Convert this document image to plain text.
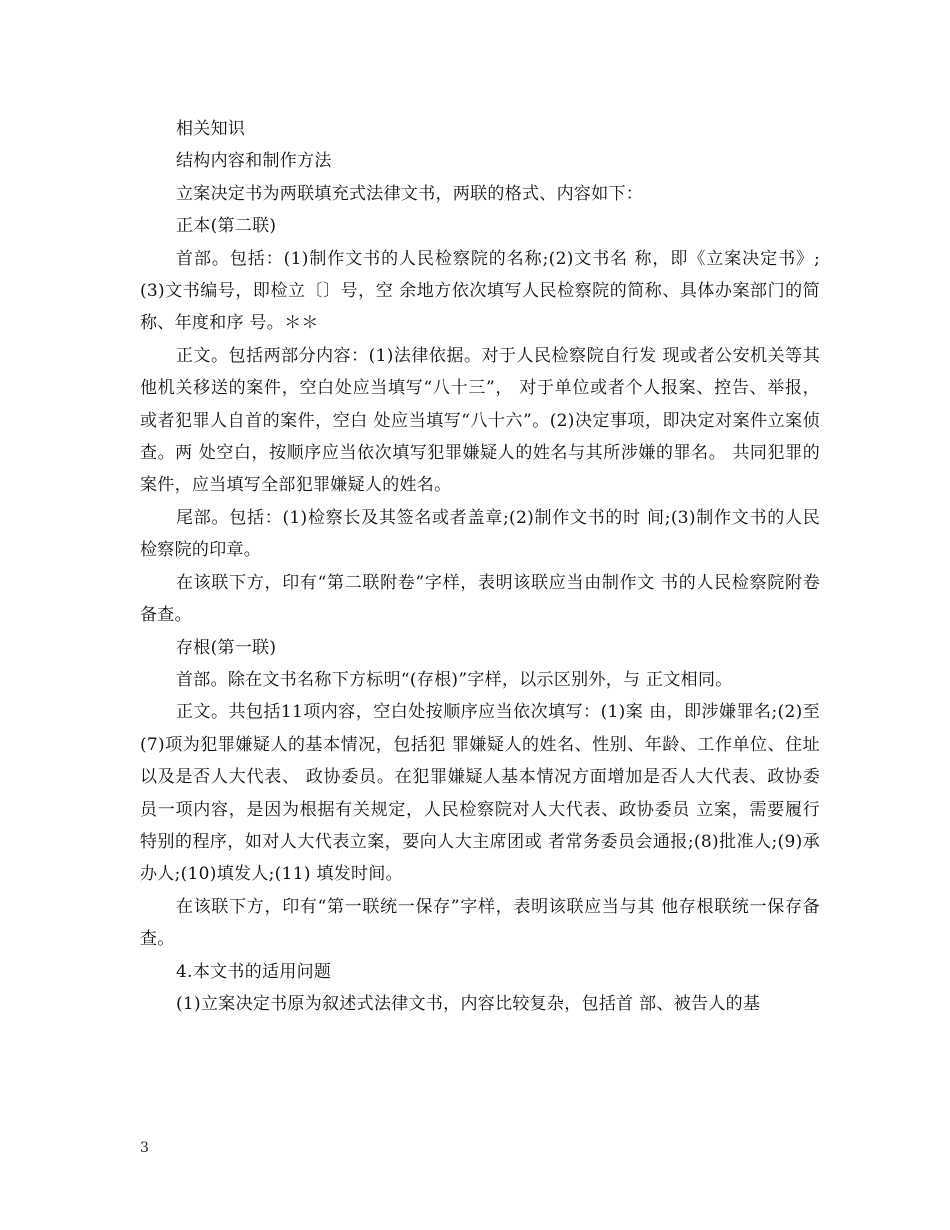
相关知识

结构内容和制作方法

立案决定书为两联填充式法律文书，两联的格式、内容如下：

正本(第二联)

首部。包括：(1)制作文书的人民检察院的名称;(2)文书名 称，即《立案决定书》;(3)文书编号，即检立〔〕号，空 余地方依次填写人民检察院的简称、具体办案部门的简称、年度和序 号。＊＊

正文。包括两部分内容：(1)法律依据。对于人民检察院自行发 现或者公安机关等其他机关移送的案件，空白处应当填写“八十三”， 对于单位或者个人报案、控告、举报，或者犯罪人自首的案件，空白 处应当填写“八十六”。(2)决定事项，即决定对案件立案侦查。两 处空白，按顺序应当依次填写犯罪嫌疑人的姓名与其所涉嫌的罪名。 共同犯罪的案件，应当填写全部犯罪嫌疑人的姓名。

尾部。包括：(1)检察长及其签名或者盖章;(2)制作文书的时 间;(3)制作文书的人民检察院的印章。

在该联下方，印有“第二联附卷”字样，表明该联应当由制作文 书的人民检察院附卷备查。

存根(第一联)

首部。除在文书名称下方标明“(存根)”字样，以示区别外，与 正文相同。

正文。共包括11项内容，空白处按顺序应当依次填写：(1)案 由，即涉嫌罪名;(2)至(7)项为犯罪嫌疑人的基本情况，包括犯 罪嫌疑人的姓名、性别、年龄、工作单位、住址以及是否人大代表、 政协委员。在犯罪嫌疑人基本情况方面增加是否人大代表、政协委员一项内容，是因为根据有关规定，人民检察院对人大代表、政协委员 立案，需要履行特别的程序，如对人大代表立案，要向人大主席团或 者常务委员会通报;(8)批准人;(9)承办人;(10)填发人;(11) 填发时间。

在该联下方，印有“第一联统一保存”字样，表明该联应当与其 他存根联统一保存备查。

4.本文书的适用问题

(1)立案决定书原为叙述式法律文书，内容比较复杂，包括首 部、被告人的基

3
